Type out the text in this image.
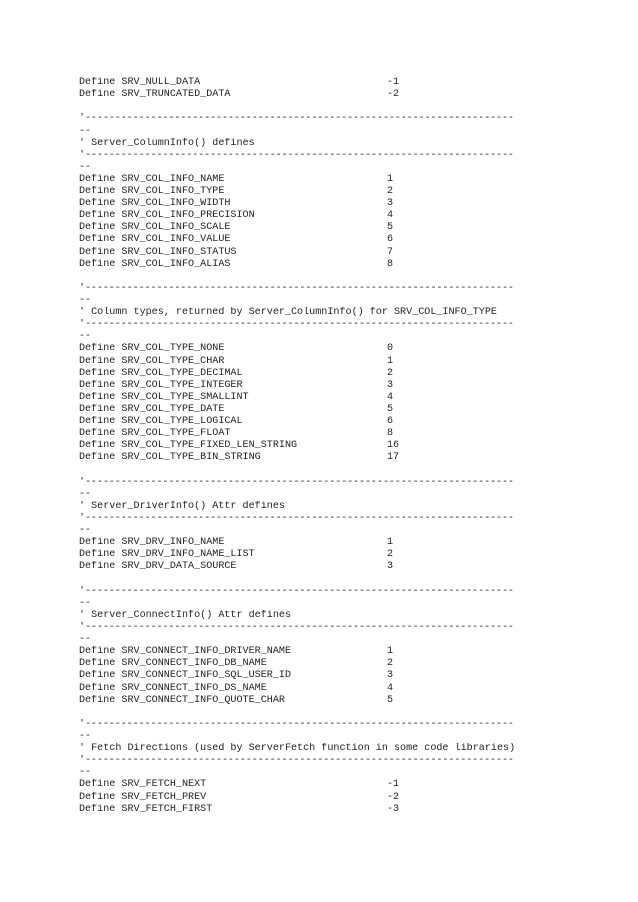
Define SRV_NULL_DATA	-1
Define SRV_TRUNCATED_DATA	-2
'------------------------------------------------------------------------
--
' Server_ColumnInfo() defines
'------------------------------------------------------------------------
--
Define SRV_COL_INFO_NAME	1
Define SRV_COL_INFO_TYPE	2
Define SRV_COL_INFO_WIDTH	3
Define SRV_COL_INFO_PRECISION	4
Define SRV_COL_INFO_SCALE	5
Define SRV_COL_INFO_VALUE	6
Define SRV_COL_INFO_STATUS	7
Define SRV_COL_INFO_ALIAS	8
'------------------------------------------------------------------------
--
' Column types, returned by Server_ColumnInfo() for SRV_COL_INFO_TYPE
'------------------------------------------------------------------------
--
Define SRV_COL_TYPE_NONE	0
Define SRV_COL_TYPE_CHAR	1
Define SRV_COL_TYPE_DECIMAL	2
Define SRV_COL_TYPE_INTEGER	3
Define SRV_COL_TYPE_SMALLINT	4
Define SRV_COL_TYPE_DATE	5
Define SRV_COL_TYPE_LOGICAL	6
Define SRV_COL_TYPE_FLOAT	8
Define SRV_COL_TYPE_FIXED_LEN_STRING	16
Define SRV_COL_TYPE_BIN_STRING	17
'------------------------------------------------------------------------
--
' Server_DriverInfo() Attr defines
'------------------------------------------------------------------------
--
Define SRV_DRV_INFO_NAME	1
Define SRV_DRV_INFO_NAME_LIST	2
Define SRV_DRV_DATA_SOURCE	3
'------------------------------------------------------------------------
--
' Server_ConnectInfo() Attr defines
'------------------------------------------------------------------------
--
Define SRV_CONNECT_INFO_DRIVER_NAME	1
Define SRV_CONNECT_INFO_DB_NAME	2
Define SRV_CONNECT_INFO_SQL_USER_ID	3
Define SRV_CONNECT_INFO_DS_NAME	4
Define SRV_CONNECT_INFO_QUOTE_CHAR	5
'------------------------------------------------------------------------
--
' Fetch Directions (used by ServerFetch function in some code libraries)
'------------------------------------------------------------------------
--
Define SRV_FETCH_NEXT	-1
Define SRV_FETCH_PREV	-2
Define SRV_FETCH_FIRST	-3
